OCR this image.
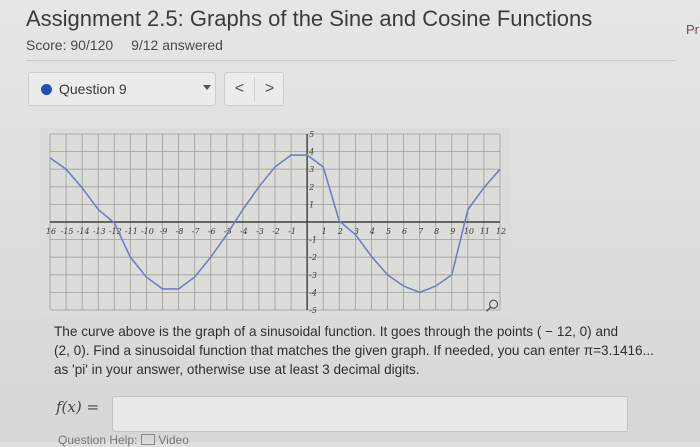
Assignment 2.5: Graphs of the Sine and Cosine Functions	Pr
Score: 90/120 9/12 answered
Question 9	<	>
16 -15 -14 -13 -12 -11 -10 -9 -8 -7 -6 -5 -4 -3 -2 -1	1 2 3 4 5 6 7 8 9 10 11 12
5
4
3
2
1
-1
-2
-3
-4
-5
The curve above is the graph of a sinusoidal function. It goes through the points ( − 12, 0) and
(2, 0). Find a sinusoidal function that matches the given graph. If needed, you can enter π=3.1416...
as 'pi' in your answer, otherwise use at least 3 decimal digits.
f(x) =
Question Help: Video
